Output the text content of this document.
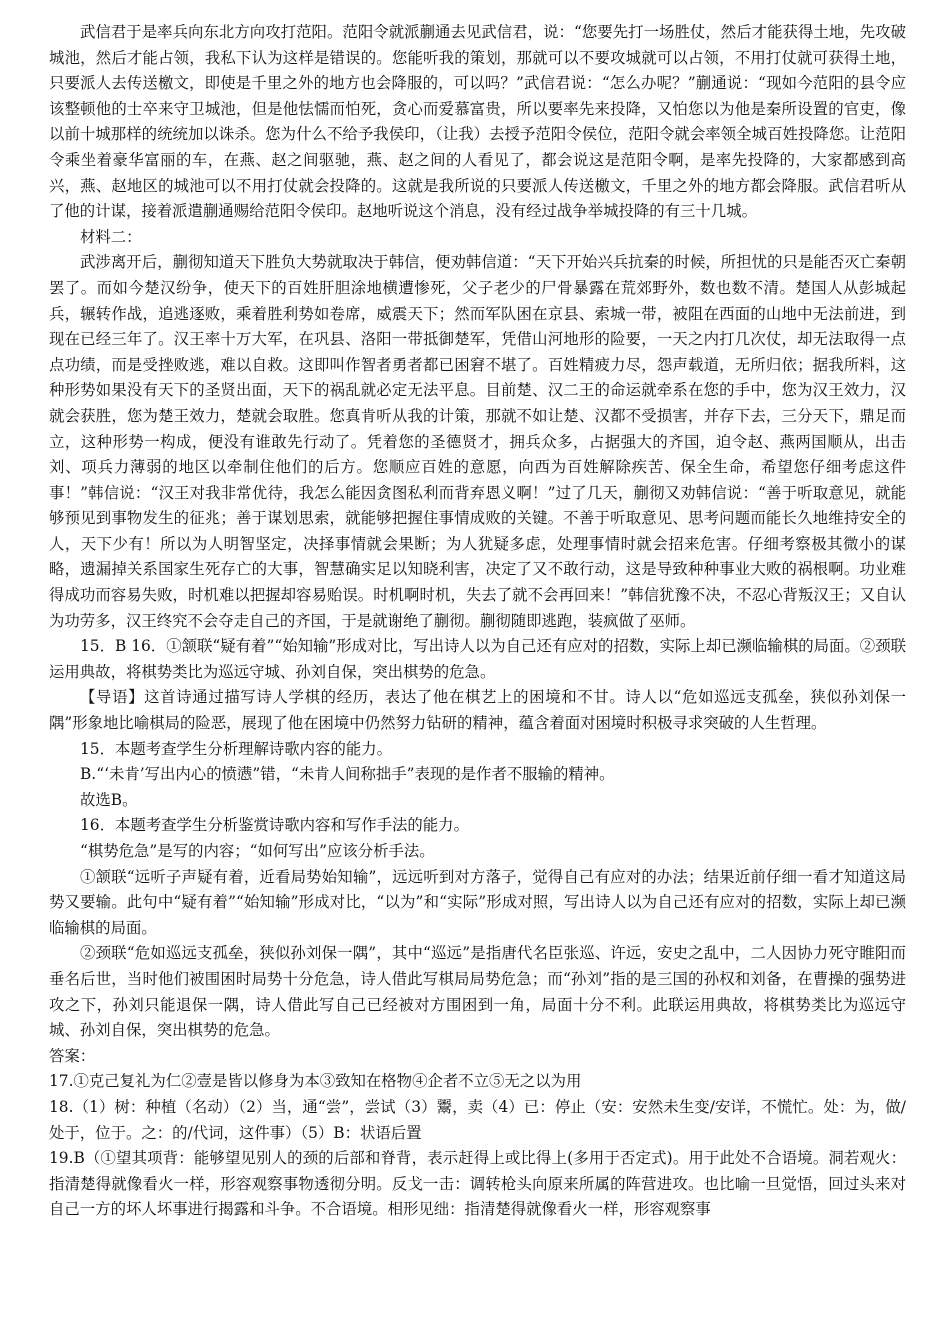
武信君于是率兵向东北方向攻打范阳。范阳令就派蒯通去见武信君，说：“您要先打一场胜仗，然后才能获得土地，先攻破城池，然后才能占领，我私下认为这样是错误的。您能听我的策划，那就可以不要攻城就可以占领，不用打仗就可获得土地，只要派人去传送檄文，即使是千里之外的地方也会降服的，可以吗？”武信君说：“怎么办呢？”蒯通说：“现如今范阳的县令应该整顿他的士卒来守卫城池，但是他怯懦而怕死，贪心而爱慕富贵，所以要率先来投降，又怕您以为他是秦所设置的官吏，像以前十城那样的统统加以诛杀。您为什么不给予我侯印，（让我）去授予范阳令侯位，范阳令就会率领全城百姓投降您。让范阳令乘坐着豪华富丽的车，在燕、赵之间驱驰，燕、赵之间的人看见了，都会说这是范阳令啊，是率先投降的，大家都感到高兴，燕、赵地区的城池可以不用打仗就会投降的。这就是我所说的只要派人传送檄文，千里之外的地方都会降服。武信君听从了他的计谋，接着派遣蒯通赐给范阳令侯印。赵地听说这个消息，没有经过战争举城投降的有三十几城。

材料二：

武涉离开后，蒯彻知道天下胜负大势就取决于韩信，便劝韩信道：“天下开始兴兵抗秦的时候，所担忧的只是能否灭亡秦朝罢了。而如今楚汉纷争，使天下的百姓肝胆涂地横遭惨死，父子老少的尸骨暴露在荒郊野外，数也数不清。楚国人从彭城起兵，辗转作战，追逃逐败，乘着胜利势如卷席，威震天下；然而军队困在京县、索城一带，被阻在西面的山地中无法前进，到现在已经三年了。汉王率十万大军，在巩县、洛阳一带抵御楚军，凭借山河地形的险要，一天之内打几次仗，却无法取得一点点功绩，而是受挫败逃，难以自救。这即叫作智者勇者都已困窘不堪了。百姓精疲力尽，怨声载道，无所归依；据我所料，这种形势如果没有天下的圣贤出面，天下的祸乱就必定无法平息。目前楚、汉二王的命运就牵系在您的手中，您为汉王效力，汉就会获胜，您为楚王效力，楚就会取胜。您真肯听从我的计策，那就不如让楚、汉都不受损害，并存下去，三分天下，鼎足而立，这种形势一构成，便没有谁敢先行动了。凭着您的圣德贤才，拥兵众多，占据强大的齐国，迫令赵、燕两国顺从，出击刘、项兵力薄弱的地区以牵制住他们的后方。您顺应百姓的意愿，向西为百姓解除疾苦、保全生命，希望您仔细考虑这件事！”韩信说：“汉王对我非常优待，我怎么能因贪图私利而背弃恩义啊！”过了几天，蒯彻又劝韩信说：“善于听取意见，就能够预见到事物发生的征兆；善于谋划思索，就能够把握住事情成败的关键。不善于听取意见、思考问题而能长久地维持安全的人，天下少有！所以为人明智坚定，决择事情就会果断；为人犹疑多虑，处理事情时就会招来危害。仔细考察极其微小的谋略，遗漏掉关系国家生死存亡的大事，智慧确实足以知晓利害，决定了又不敢行动，这是导致种种事业大败的祸根啊。功业难得成功而容易失败，时机难以把握却容易贻误。时机啊时机，失去了就不会再回来！”韩信犹豫不决，不忍心背叛汉王；又自认为功劳多，汉王终究不会夺走自己的齐国，于是就谢绝了蒯彻。蒯彻随即逃跑，装疯做了巫师。

15．B 16．①颔联“疑有着”“始知输”形成对比，写出诗人以为自己还有应对的招数，实际上却已濒临输棋的局面。②颈联运用典故，将棋势类比为巡远守城、孙刘自保，突出棋势的危急。

【导语】这首诗通过描写诗人学棋的经历，表达了他在棋艺上的困境和不甘。诗人以“危如巡远支孤垒，狭似孙刘保一隅”形象地比喻棋局的险恶，展现了他在困境中仍然努力钻研的精神，蕴含着面对困境时积极寻求突破的人生哲理。

15．本题考查学生分析理解诗歌内容的能力。

B.“‘未肯’写出内心的愤懑”错，“未肯人间称拙手”表现的是作者不服输的精神。

故选B。

16．本题考查学生分析鉴赏诗歌内容和写作手法的能力。

“棋势危急”是写的内容；“如何写出”应该分析手法。

①颔联“远听子声疑有着，近看局势始知输”，远远听到对方落子，觉得自己有应对的办法；结果近前仔细一看才知道这局势又要输。此句中“疑有着”“始知输”形成对比，“以为”和“实际”形成对照，写出诗人以为自己还有应对的招数，实际上却已濒临输棋的局面。

②颈联“危如巡远支孤垒，狭似孙刘保一隅”，其中“巡远”是指唐代名臣张巡、许远，安史之乱中，二人因协力死守睢阳而垂名后世，当时他们被围困时局势十分危急，诗人借此写棋局局势危急；而“孙刘”指的是三国的孙权和刘备，在曹操的强势进攻之下，孙刘只能退保一隅，诗人借此写自己已经被对方围困到一角，局面十分不利。此联运用典故，将棋势类比为巡远守城、孙刘自保，突出棋势的危急。

答案：

17.①克己复礼为仁②壹是皆以修身为本③致知在格物④企者不立⑤无之以为用

18.（1）树：种植（名动）（2）当，通“尝”，尝试（3）鬻，卖（4）已：停止（安：安然未生变/安详，不慌忙。处：为，做/处于，位于。之：的/代词，这件事）（5）B：状语后置

19.B（①望其项背：能够望见别人的颈的后部和脊背，表示赶得上或比得上(多用于否定式)。用于此处不合语境。洞若观火：指清楚得就像看火一样，形容观察事物透彻分明。反戈一击：调转枪头向原来所属的阵营进攻。也比喻一旦觉悟，回过头来对自己一方的坏人坏事进行揭露和斗争。不合语境。相形见绌：指清楚得就像看火一样，形容观察事
